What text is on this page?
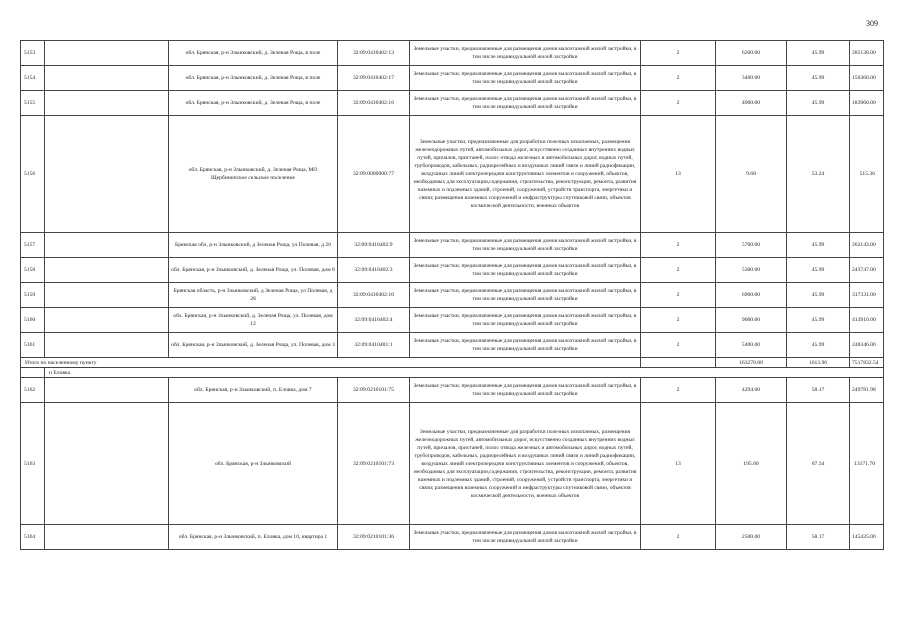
309
5153		обл. Брянская, р-н Злынковский, д. Зеленая Роща, в поле	32:09:0410402:13	Земельные участки, предназначенные для размещения домов малоэтажной жилой застройки, в том числе индивидуальной жилой застройки	2	6200.00	45.99	285138.00
5154		обл. Брянская, р-н Злынковский, д. Зеленая Роща, в поле	32:09:0410402:17	Земельные участки, предназначенные для размещения домов малоэтажной жилой застройки, в том числе индивидуальной жилой застройки	2	3400.00	45.99	156366.00
5155		обл. Брянская, р-н Злынковский, д. Зеленая Роща, в поле	32:09:0410402:16	Земельные участки, предназначенные для размещения домов малоэтажной жилой застройки, в том числе индивидуальной жилой застройки	2	4000.00	45.99	183960.00
5156		обл. Брянская, р-н Злынковский, д. Зеленая Роща, МО Щербиничское сельское поселение	32:09:0000000:77	Земельные участки, предназначенные для разработки полезных ископаемых, размещения железнодорожных путей, автомобильных дорог, искусственно созданных внутренних водных путей, причалов, пристаней, полос отвода железных и автомобильных дорог, водных путей, трубопроводов, кабельных, радиорелейных и воздушных линий связи и линий радиофикации, воздушных линий электропередачи конструктивных элементов и сооружений, объектов, необходимых для эксплуатации,содержания, строительства, реконструкции, ремонта, развития наземных и подземных зданий, строений, сооружений, устройств транспорта, энергетики и связи; размещения наземных сооружений и инфраструктуры спутниковой связи, объектов космической деятельности, военных объектов	13	9.68	53.24	515.36
5157		Брянская обл, р-н Злынковский, д Зеленая Роща, ул Полевая, д 26	32:09:0410402:9	Земельные участки, предназначенные для размещения домов малоэтажной жилой застройки, в том числе индивидуальной жилой застройки	2	5700.00	45.99	262143.00
5158		обл. Брянская, р-н Злынковский, д. Зеленая Роща, ул. Полевая, дом 8	32:09:0410402:3	Земельные участки, предназначенные для размещения домов малоэтажной жилой застройки, в том числе индивидуальной жилой застройки	2	5300.00	45.99	243747.00
5159		Брянская область, р-н Злынковский, д Зеленая Роща, ул Полевая, д 28	32:09:0410402:10	Земельные участки, предназначенные для размещения домов малоэтажной жилой застройки, в том числе индивидуальной жилой застройки	2	6900.00	45.99	317331.00
5160		обл. Брянская, р-н Злынковский, д. Зеленая Роща, ул. Полевая, дом 12	32:09:0410402:4	Земельные участки, предназначенные для размещения домов малоэтажной жилой застройки, в том числе индивидуальной жилой застройки	2	9000.00	45.99	413910.00
5161		обл. Брянская, р-н Злынковский, д. Зеленая Роща, ул. Полевая, дом 3	32:09:0410401:1	Земельные участки, предназначенные для размещения домов малоэтажной жилой застройки, в том числе индивидуальной жилой застройки	2	5400.00	45.99	248346.00
Итого по населенному пункту						163270.88	1613.96	7517832.54
	п Еловка							
5162		обл. Брянская, р-н Злынковский, п. Еловка, дом 7	32:09:0210101:75	Земельные участки, предназначенные для размещения домов малоэтажной жилой застройки, в том числе индивидуальной жилой застройки	2	4294.00	58.17	249781.98
5163		обл. Брянская, р-н Злынковский	32:09:0210101:73	Земельные участки, предназначенные для разработки полезных ископаемых, размещения железнодорожных путей, автомобильных дорог, искусственно созданных внутренних водных путей, причалов, пристаней, полос отвода железных и автомобильных дорог, водных путей, трубопроводов, кабельных, радиорелейных и воздушных линий связи и линий радиофикации, воздушных линий электропередачи конструктивных элементов и сооружений, объектов, необходимых для эксплуатации,содержания, строительства, реконструкции, ремонта, развития наземных и подземных зданий, строений, сооружений, устройств транспорта, энергетики и связи; размещения наземных сооружений и инфраструктуры спутниковой связи, объектов космической деятельности, военных объектов	13	195.60	67.34	13171.70
5164		обл. Брянская, р-н Злынковский, п. Еловка, дом 10, квартира 1	32:09:0210101:36	Земельные участки, предназначенные для размещения домов малоэтажной жилой застройки, в том числе индивидуальной жилой застройки	2	2500.00	58.17	145425.00
